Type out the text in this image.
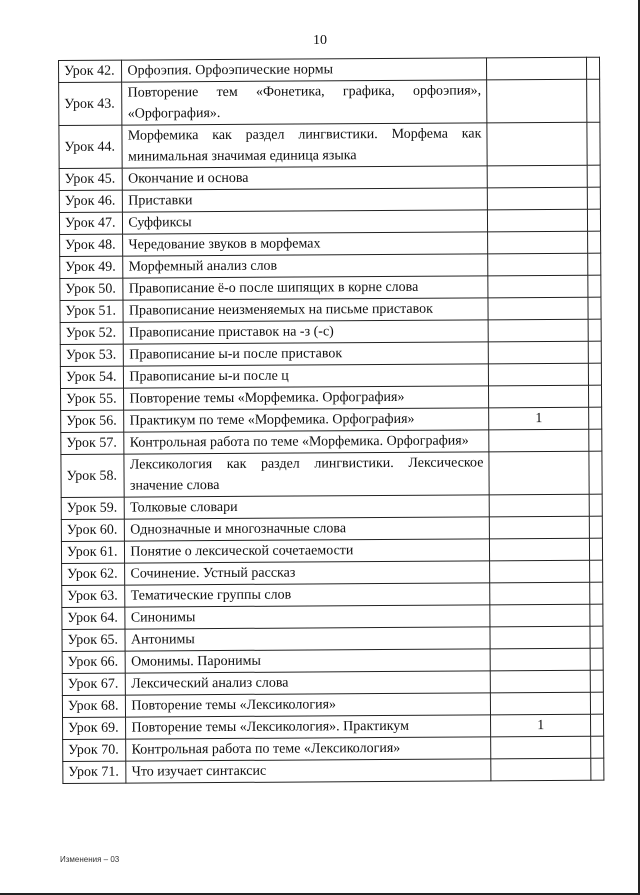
10
Урок 42.	Орфоэпия. Орфоэпические нормы		
Урок 43.	Повторение тем «Фонетика, графика, орфоэпия», «Орфография».		
Урок 44.	Морфемика как раздел лингвистики. Морфема как минимальная значимая единица языка		
Урок 45.	Окончание и основа		
Урок 46.	Приставки		
Урок 47.	Суффиксы		
Урок 48.	Чередование звуков в морфемах		
Урок 49.	Морфемный анализ слов		
Урок 50.	Правописание ё-о после шипящих в корне слова		
Урок 51.	Правописание неизменяемых на письме приставок		
Урок 52.	Правописание приставок на -з (-с)		
Урок 53.	Правописание ы-и после приставок		
Урок 54.	Правописание ы-и после ц		
Урок 55.	Повторение темы «Морфемика. Орфография»		
Урок 56.	Практикум по теме «Морфемика. Орфография»	1	
Урок 57.	Контрольная работа по теме «Морфемика. Орфография»		
Урок 58.	Лексикология как раздел лингвистики. Лексическое значение слова		
Урок 59.	Толковые словари		
Урок 60.	Однозначные и многозначные слова		
Урок 61.	Понятие о лексической сочетаемости		
Урок 62.	Сочинение. Устный рассказ		
Урок 63.	Тематические группы слов		
Урок 64.	Синонимы		
Урок 65.	Антонимы		
Урок 66.	Омонимы. Паронимы		
Урок 67.	Лексический анализ слова		
Урок 68.	Повторение темы «Лексикология»		
Урок 69.	Повторение темы «Лексикология». Практикум	1	
Урок 70.	Контрольная работа по теме «Лексикология»		
Урок 71.	Что изучает синтаксис		
Изменения – 03
